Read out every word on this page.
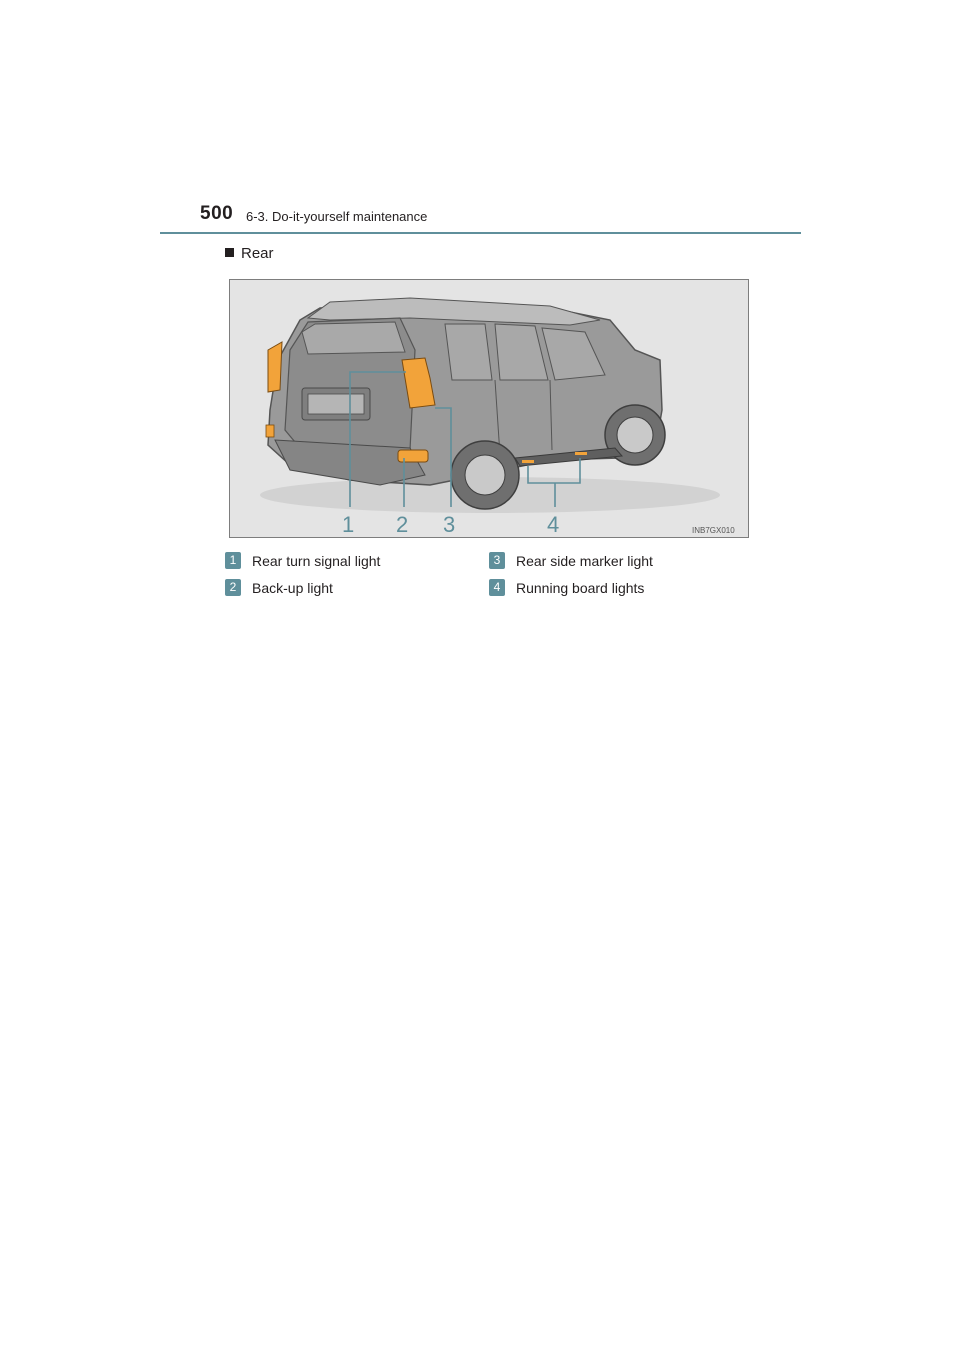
500 6-3. Do-it-yourself maintenance
Rear
1 2 3	4	INB7GX010
1 Rear turn signal light
2 Back-up light
3 Rear side marker light
4 Running board lights
